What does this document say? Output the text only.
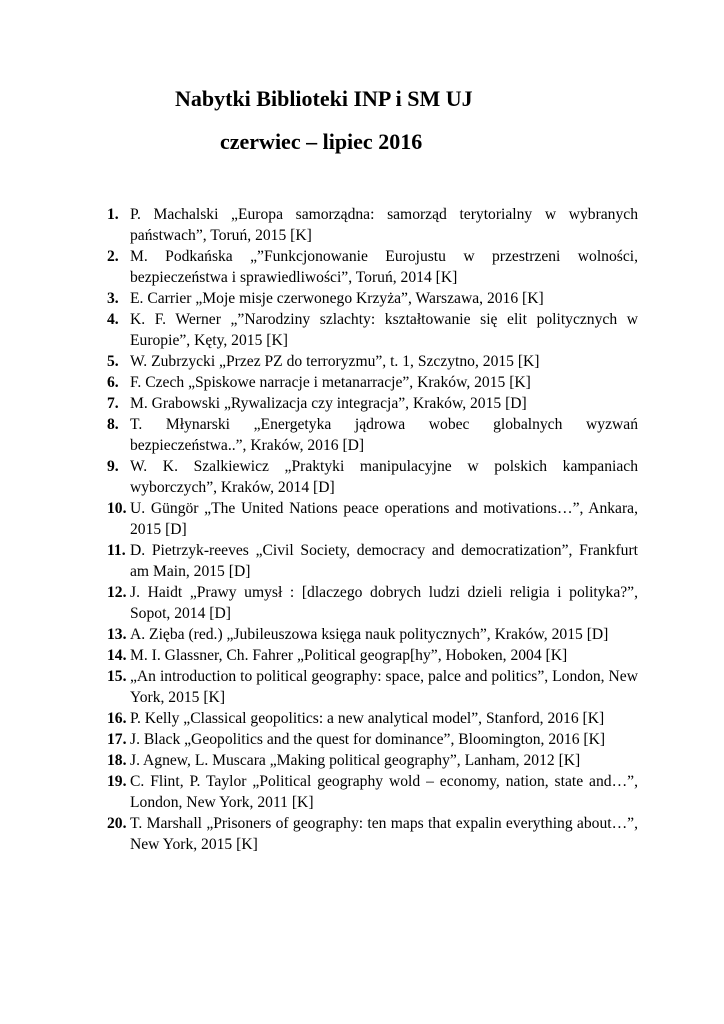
Nabytki Biblioteki INP i SM UJ
czerwiec – lipiec 2016
1. P. Machalski „Europa samorządna: samorząd terytorialny w wybranych państwach”, Toruń, 2015 [K]
2. M. Podkańska „”Funkcjonowanie Eurojustu w przestrzeni wolności, bezpieczeństwa i sprawiedliwości”, Toruń, 2014 [K]
3. E. Carrier „Moje misje czerwonego Krzyża”, Warszawa, 2016 [K]
4. K. F. Werner „”Narodziny szlachty: kształtowanie się elit politycznych w Europie”, Kęty, 2015 [K]
5. W. Zubrzycki „Przez PZ do terroryzmu”, t. 1, Szczytno, 2015 [K]
6. F. Czech „Spiskowe narracje i metanarracje”, Kraków, 2015 [K]
7. M. Grabowski „Rywalizacja czy integracja”, Kraków, 2015 [D]
8. T. Młynarski „Energetyka jądrowa wobec globalnych wyzwań bezpieczeństwa..”, Kraków, 2016 [D]
9. W. K. Szalkiewicz „Praktyki manipulacyjne w polskich kampaniach wyborczych”, Kraków, 2014 [D]
10. U. Güngör „The United Nations peace operations and motivations…”, Ankara, 2015 [D]
11. D. Pietrzyk-reeves „Civil Society, democracy and democratization”, Frankfurt am Main, 2015 [D]
12. J. Haidt „Prawy umysł : [dlaczego dobrych ludzi dzieli religia i polityka?”, Sopot, 2014 [D]
13. A. Zięba (red.) „Jubileuszowa księga nauk politycznych”, Kraków, 2015 [D]
14. M. I. Glassner, Ch. Fahrer „Political geograp[hy”, Hoboken, 2004 [K]
15. „An introduction to political geography: space, palce and politics”, London, New York, 2015 [K]
16. P. Kelly „Classical geopolitics: a new analytical model”, Stanford, 2016 [K]
17. J. Black „Geopolitics and the quest for dominance”, Bloomington, 2016 [K]
18. J. Agnew, L. Muscara „Making political geography”, Lanham, 2012 [K]
19. C. Flint, P. Taylor „Political geography wold – economy, nation, state and…”, London, New York, 2011 [K]
20. T. Marshall „Prisoners of geography: ten maps that expalin everything about…”, New York, 2015 [K]
